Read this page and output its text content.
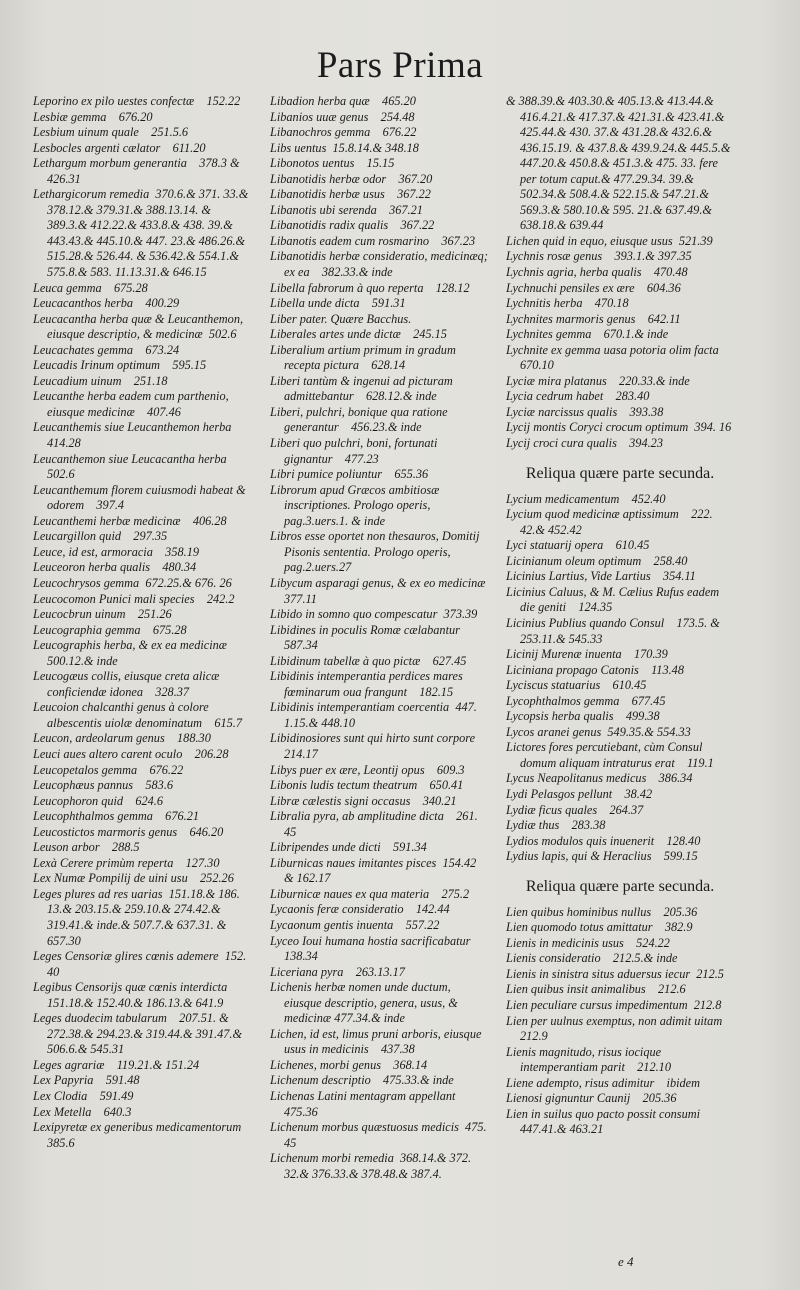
Pars Prima
Leporino ex pilo uestes confectæ    152.22
Lesbiæ gemma    676.20
Lesbium uinum quale    251.5.6
Lesbocles argenti cælator    611.20
Lethargum morbum generantia    378.3 & 426.31
Lethargicorum remedia  370.6.& 371. 33.& 378.12.& 379.31.& 388.13.14. & 389.3.& 412.22.& 433.8.& 438. 39.& 443.43.& 445.10.& 447. 23.& 486.26.& 515.28.& 526.44. & 536.42.& 554.1.& 575.8.& 583. 11.13.31.& 646.15
Leuca gemma    675.28
Leucacanthos herba    400.29
Leucacantha herba quæ & Leucanthemon, eiusque descriptio, & medicinæ  502.6
Leucachates gemma    673.24
Leucadis Irinum optimum    595.15
Leucadium uinum    251.18
Leucanthe herba eadem cum parthenio, eiusque medicinæ    407.46
Leucanthemis siue Leucanthemon herba 414.28
Leucanthemon siue Leucacantha herba 502.6
Leucanthemum florem cuiusmodi habeat & odorem    397.4
Leucanthemi herbæ medicinæ    406.28
Leucargillon quid    297.35
Leuce, id est, armoracia    358.19
Leuceoron herba qualis    480.34
Leucochrysos gemma  672.25.& 676. 26
Leucocomon Punici mali species    242.2
Leucocbrun uinum    251.26
Leucographia gemma    675.28
Leucographis herba, & ex ea medicinæ 500.12.& inde
Leucogæus collis, eiusque creta alicæ conficiendæ idonea    328.37
Leucoion chalcanthi genus à colore albescentis uiolæ denominatum    615.7
Leucon, ardeolarum genus    188.30
Leuci aues altero carent oculo    206.28
Leucopetalos gemma    676.22
Leucophæus pannus    583.6
Leucophoron quid    624.6
Leucophthalmos gemma    676.21
Leucostictos marmoris genus    646.20
Leuson arbor    288.5
Lexà Cerere primùm reperta    127.30
Lex Numæ Pompilij de uini usu    252.26
Leges plures ad res uarias  151.18.& 186. 13.& 203.15.& 259.10.& 274.42.& 319.41.& inde.& 507.7.& 637.31. & 657.30
Leges Censoriæ glires cœnis ademere  152. 40
Legibus Censorijs quæ cœnis interdicta 151.18.& 152.40.& 186.13.& 641.9
Leges duodecim tabularum    207.51. & 272.38.& 294.23.& 319.44.& 391.47.& 506.6.& 545.31
Leges agrariæ    119.21.& 151.24
Lex Papyria    591.48
Lex Clodia    591.49
Lex Metella    640.3
Lexipyretæ ex generibus medicamentorum 385.6
Libadion herba quæ    465.20
Libanios uuæ genus    254.48
Libanochros gemma    676.22
Libs uentus  15.8.14.& 348.18
Libonotos uentus    15.15
Libanotidis herbæ odor    367.20
Libanotidis herbæ usus    367.22
Libanotis ubi serenda    367.21
Libanotidis radix qualis    367.22
Libanotis eadem cum rosmarino    367.23
Libanotidis herbæ consideratio, medicinæq; ex ea    382.33.& inde
Libella fabrorum à quo reperta    128.12
Libella unde dicta    591.31
Liber pater. Quære Bacchus.
Liberales artes unde dictæ    245.15
Liberalium artium primum in gradum recepta pictura    628.14
Liberi tantùm & ingenui ad picturam admittebantur    628.12.& inde
Liberi, pulchri, bonique qua ratione generantur    456.23.& inde
Liberi quo pulchri, boni, fortunati gignantur    477.23
Libri pumice poliuntur    655.36
Librorum apud Græcos ambitiosæ inscriptiones. Prologo operis, pag.3.uers.1. & inde
Libros esse oportet non thesauros, Domitij Pisonis sententia. Prologo operis, pag.2.uers.27
Libycum asparagi genus, & ex eo medicinæ 377.11
Libido in somno quo compescatur  373.39
Libidines in poculis Romæ cælabantur 587.34
Libidinum tabellæ à quo pictæ    627.45
Libidinis intemperantia perdices mares fœminarum oua frangunt    182.15
Libidinis intemperantiam coercentia  447. 1.15.& 448.10
Libidinosiores sunt qui hirto sunt corpore 214.17
Libys puer ex ære, Leontij opus    609.3
Libonis ludis tectum theatrum    650.41
Libræ cælestis signi occasus    340.21
Libralia pyra, ab amplitudine dicta    261. 45
Libripendes unde dicti    591.34
Liburnicas naues imitantes pisces  154.42 & 162.17
Liburnicæ naues ex qua materia    275.2
Lycaonis feræ consideratio    142.44
Lycaonum gentis inuenta    557.22
Lyceo Ioui humana hostia sacrificabatur 138.34
Liceriana pyra    263.13.17
Lichenis herbæ nomen unde ductum, eiusque descriptio, genera, usus, & medicinæ 477.34.& inde
Lichen, id est, limus pruni arboris, eiusque usus in medicinis    437.38
Lichenes, morbi genus    368.14
Lichenum descriptio    475.33.& inde
Lichenas Latini mentagram appellant 475.36
Lichenum morbus quæstuosus medicis  475. 45
Lichenum morbi remedia  368.14.& 372. 32.& 376.33.& 378.48.& 387.4.
& 388.39.& 403.30.& 405.13.& 413.44.& 416.4.21.& 417.37.& 421.31.& 423.41.& 425.44.& 430. 37.& 431.28.& 432.6.& 436.15.19. & 437.8.& 439.9.24.& 445.5.& 447.20.& 450.8.& 451.3.& 475. 33. fere per totum caput.& 477.29.34. 39.& 502.34.& 508.4.& 522.15.& 547.21.& 569.3.& 580.10.& 595. 21.& 637.49.& 638.18.& 639.44
Lichen quid in equo, eiusque usus  521.39
Lychnis rosæ genus    393.1.& 397.35
Lychnis agria, herba qualis    470.48
Lychnuchi pensiles ex ære    604.36
Lychnitis herba    470.18
Lychnites marmoris genus    642.11
Lychnites gemma    670.1.& inde
Lychnite ex gemma uasa potoria olim facta 670.10
Lyciæ mira platanus    220.33.& inde
Lycia cedrum habet    283.40
Lyciæ narcissus qualis    393.38
Lycij montis Coryci crocum optimum  394. 16
Lycij croci cura qualis    394.23
Reliqua quære parte secunda.
Lycium medicamentum    452.40
Lycium quod medicinæ aptissimum    222. 42.& 452.42
Lyci statuarij opera    610.45
Licinianum oleum optimum    258.40
Licinius Lartius, Vide Lartius    354.11
Licinius Caluus, & M. Cælius Rufus eadem die geniti    124.35
Licinius Publius quando Consul    173.5. & 253.11.& 545.33
Licinij Murenæ inuenta    170.39
Liciniana propago Catonis    113.48
Lycisсus statuarius    610.45
Lycophthalmos gemma    677.45
Lycopsis herba qualis    499.38
Lycos aranei genus  549.35.& 554.33
Lictores fores percutiebant, cùm Consul domum aliquam intraturus erat    119.1
Lycus Neapolitanus medicus    386.34
Lydi Pelasgos pellunt    38.42
Lydiæ ficus quales    264.37
Lydiæ thus    283.38
Lydios modulos quis inuenerit    128.40
Lydius lapis, qui & Heraclius    599.15
Reliqua quære parte secunda.
Lien quibus hominibus nullus    205.36
Lien quomodo totus amittatur    382.9
Lienis in medicinis usus    524.22
Lienis consideratio    212.5.& inde
Lienis in sinistra situs aduersus iecur  212.5
Lien quibus insit animalibus    212.6
Lien peculiare cursus impedimentum  212.8
Lien per uulnus exemptus, non adimit uitam 212.9
Lienis magnitudo, risus iocique intemperantiam parit    212.10
Liene adempto, risus adimitur    ibidem
Lienosi gignuntur Caunij    205.36
Lien in suilus quo pacto possit consumi 447.41.& 463.21
e 4
